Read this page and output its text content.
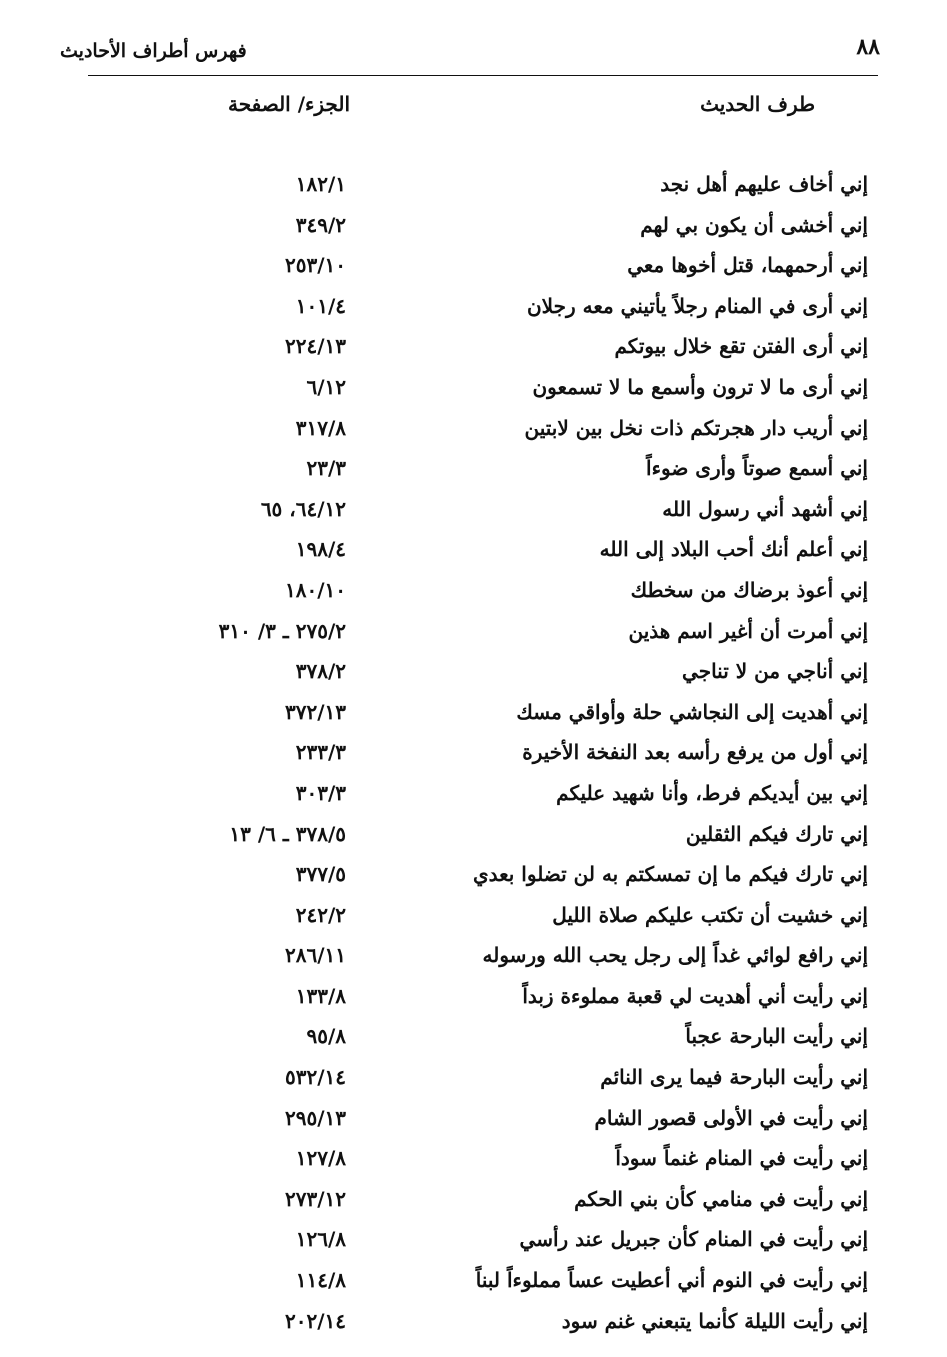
٨٨
فهرس أطراف الأحاديث
طرف الحديث
الجزء/ الصفحة
إني أخاف عليهم أهل نجد
١٨٢/١
إني أخشى أن يكون بي لهم
٣٤٩/٢
إني أرحمهما، قتل أخوها معي
٢٥٣/١٠
إني أرى في المنام رجلاً يأتيني معه رجلان
١٠١/٤
إني أرى الفتن تقع خلال بيوتكم
٢٢٤/١٣
إني أرى ما لا ترون وأسمع ما لا تسمعون
٦/١٢
إني أريب دار هجرتكم ذات نخل بين لابتين
٣١٧/٨
إني أسمع صوتاً وأرى ضوءاً
٢٣/٣
إني أشهد أني رسول الله
٦٤/١٢، ٦٥
إني أعلم أنك أحب البلاد إلى الله
١٩٨/٤
إني أعوذ برضاك من سخطك
١٨٠/١٠
إني أمرت أن أغير اسم هذين
٢٧٥/٢ ـ ٣/ ٣١٠
إني أناجي من لا تناجي
٣٧٨/٢
إني أهديت إلى النجاشي حلة وأواقي مسك
٣٧٢/١٣
إني أول من يرفع رأسه بعد النفخة الأخيرة
٢٣٣/٣
إني بين أيديكم فرط، وأنا شهيد عليكم
٣٠٣/٣
إني تارك فيكم الثقلين
٣٧٨/٥ ـ ٦/ ١٣
إني تارك فيكم ما إن تمسكتم به لن تضلوا بعدي
٣٧٧/٥
إني خشيت أن تكتب عليكم صلاة الليل
٢٤٢/٢
إني رافع لوائي غداً إلى رجل يحب الله ورسوله
٢٨٦/١١
إني رأيت أني أهديت لي قعبة مملوءة زبداً
١٣٣/٨
إني رأيت البارحة عجباً
٩٥/٨
إني رأيت البارحة فيما يرى النائم
٥٣٢/١٤
إني رأيت في الأولى قصور الشام
٢٩٥/١٣
إني رأيت في المنام غنماً سوداً
١٢٧/٨
إني رأيت في منامي كأن بني الحكم
٢٧٣/١٢
إني رأيت في المنام كأن جبريل عند رأسي
١٢٦/٨
إني رأيت في النوم أني أعطيت عساً مملوءاً لبناً
١١٤/٨
إني رأيت الليلة كأنما يتبعني غنم سود
٢٠٢/١٤
